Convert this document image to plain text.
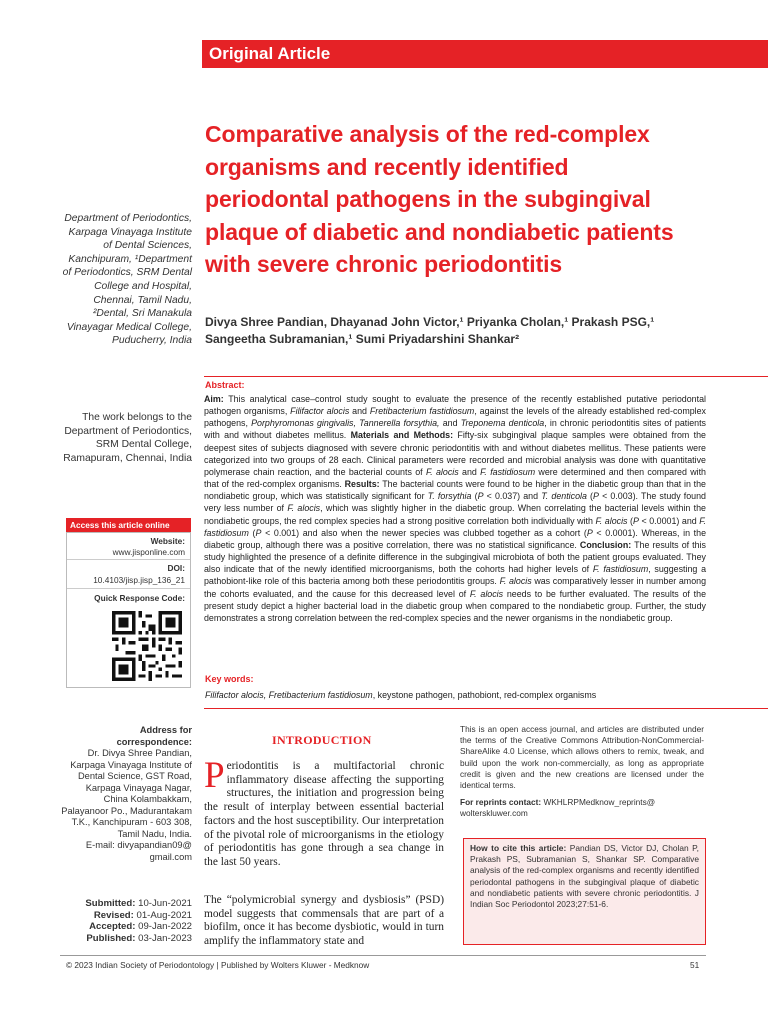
Original Article
Comparative analysis of the red-complex organisms and recently identified periodontal pathogens in the subgingival plaque of diabetic and nondiabetic patients with severe chronic periodontitis
Divya Shree Pandian, Dhayanad John Victor,¹ Priyanka Cholan,¹ Prakash PSG,¹
Sangeetha Subramanian,¹ Sumi Priyadarshini Shankar²
Department of Periodontics, Karpaga Vinayaga Institute of Dental Sciences, Kanchipuram, ¹Department of Periodontics, SRM Dental College and Hospital, Chennai, Tamil Nadu, ²Dental, Sri Manakula Vinayagar Medical College, Puducherry, India
The work belongs to the Department of Periodontics, SRM Dental College, Ramapuram, Chennai, India
Abstract:
Aim: This analytical case–control study sought to evaluate the presence of the recently established putative periodontal pathogen organisms, Filifactor alocis and Fretibacterium fastidiosum, against the levels of the already established red-complex pathogens, Porphyromonas gingivalis, Tannerella forsythia, and Treponema denticola, in chronic periodontitis sites of patients with and without diabetes mellitus. Materials and Methods: Fifty-six subgingival plaque samples were obtained from the deepest sites of subjects diagnosed with severe chronic periodontitis with and without diabetes mellitus. These patients were categorized into two groups of 28 each. Clinical parameters were recorded and microbial analysis was done with quantitative polymerase chain reaction, and the bacterial counts of F. alocis and F. fastidiosum were determined and then compared with that of the red-complex organisms. Results: The bacterial counts were found to be higher in the diabetic group than that in the nondiabetic group, which was statistically significant for T. forsythia (P < 0.037) and T. denticola (P < 0.003). The study found very less number of F. alocis, which was slightly higher in the diabetic group. When correlating the bacterial levels within the nondiabetic groups, the red complex species had a strong positive correlation both individually with F. alocis (P < 0.0001) and F. fastidiosum (P < 0.001) and also when the newer species was clubbed together as a cohort (P < 0.0001). Whereas, in the diabetic group, although there was a positive correlation, there was no statistical significance. Conclusion: The results of this study highlighted the presence of a definite difference in the subgingival microbiota of both the patient groups evaluated. They also indicate that of the newly identified microorganisms, both the cohorts had higher levels of F. fastidiosum, suggesting a pathobiont-like role of this bacteria among both these periodontitis groups. F. alocis was comparatively lesser in number among the cohorts evaluated, and the cause for this decreased level of F. alocis needs to be further evaluated. The results of the present study depict a higher bacterial load in the diabetic group when compared to the nondiabetic group. Further, the study demonstrates a strong correlation between the red-complex species and the newer organisms in the nondiabetic group.
Key words:
Filifactor alocis, Fretibacterium fastidiosum, keystone pathogen, pathobiont, red-complex organisms
Access this article online
Website:
www.jisponline.com
DOI:
10.4103/jisp.jisp_136_21
Quick Response Code:
Address for
correspondence:
Dr. Divya Shree Pandian, Karpaga Vinayaga Institute of Dental Science, GST Road, Karpaga Vinayaga Nagar, China Kolambakkam, Palayanoor Po., Madurantakam T.K., Kanchipuram - 603 308, Tamil Nadu, India.
E-mail: divyapandian09@ gmail.com
Submitted: 10-Jun-2021
Revised: 01-Aug-2021
Accepted: 09-Jan-2022
Published: 03-Jan-2023
INTRODUCTION
Periodontitis is a multifactorial chronic inflammatory disease affecting the supporting structures, the initiation and progression being the result of interplay between essential bacterial factors and the host susceptibility. Our interpretation of the pivotal role of microorganisms in the etiology of periodontitis has gone through a sea change in the last 50 years.
The “polymicrobial synergy and dysbiosis” (PSD) model suggests that commensals that are part of a biofilm, once it has become dysbiotic, would in turn amplify the inflammatory state and
This is an open access journal, and articles are distributed under the terms of the Creative Commons Attribution-NonCommercial-ShareAlike 4.0 License, which allows others to remix, tweak, and build upon the work non-commercially, as long as appropriate credit is given and the new creations are licensed under the identical terms.
For reprints contact: WKHLRPMedknow_reprints@ wolterskluwer.com
How to cite this article: Pandian DS, Victor DJ, Cholan P, Prakash PS, Subramanian S, Shankar SP. Comparative analysis of the red-complex organisms and recently identified periodontal pathogens in the subgingival plaque of diabetic and nondiabetic patients with severe chronic periodontitis. J Indian Soc Periodontol 2023;27:51-6.
© 2023 Indian Society of Periodontology | Published by Wolters Kluwer - Medknow	51
